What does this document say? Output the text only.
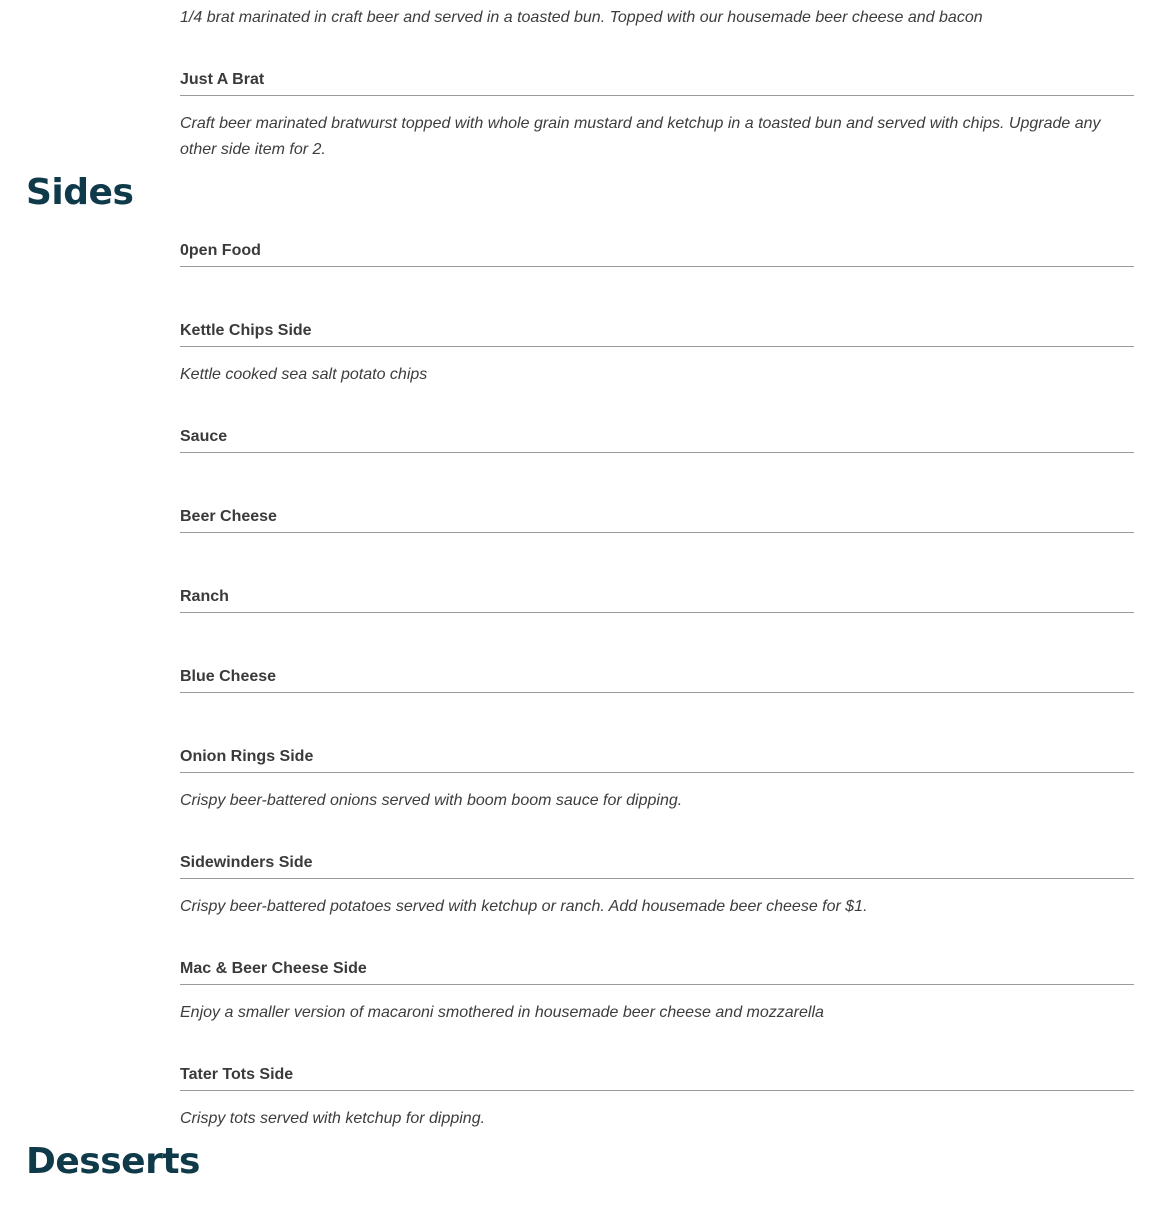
1/4 brat marinated in craft beer and served in a toasted bun. Topped with our housemade beer cheese and bacon

Just A Brat

Craft beer marinated bratwurst topped with whole grain mustard and ketchup in a toasted bun and served with chips. Upgrade any other side item for 2.

Sides
0pen Food
Kettle Chips Side

Kettle cooked sea salt potato chips

Sauce
Beer Cheese
Ranch
Blue Cheese
Onion Rings Side

Crispy beer-battered onions served with boom boom sauce for dipping.

Sidewinders Side

Crispy beer-battered potatoes served with ketchup or ranch. Add housemade beer cheese for $1.

Mac & Beer Cheese Side

Enjoy a smaller version of macaroni smothered in housemade beer cheese and mozzarella

Tater Tots Side

Crispy tots served with ketchup for dipping.

Desserts
